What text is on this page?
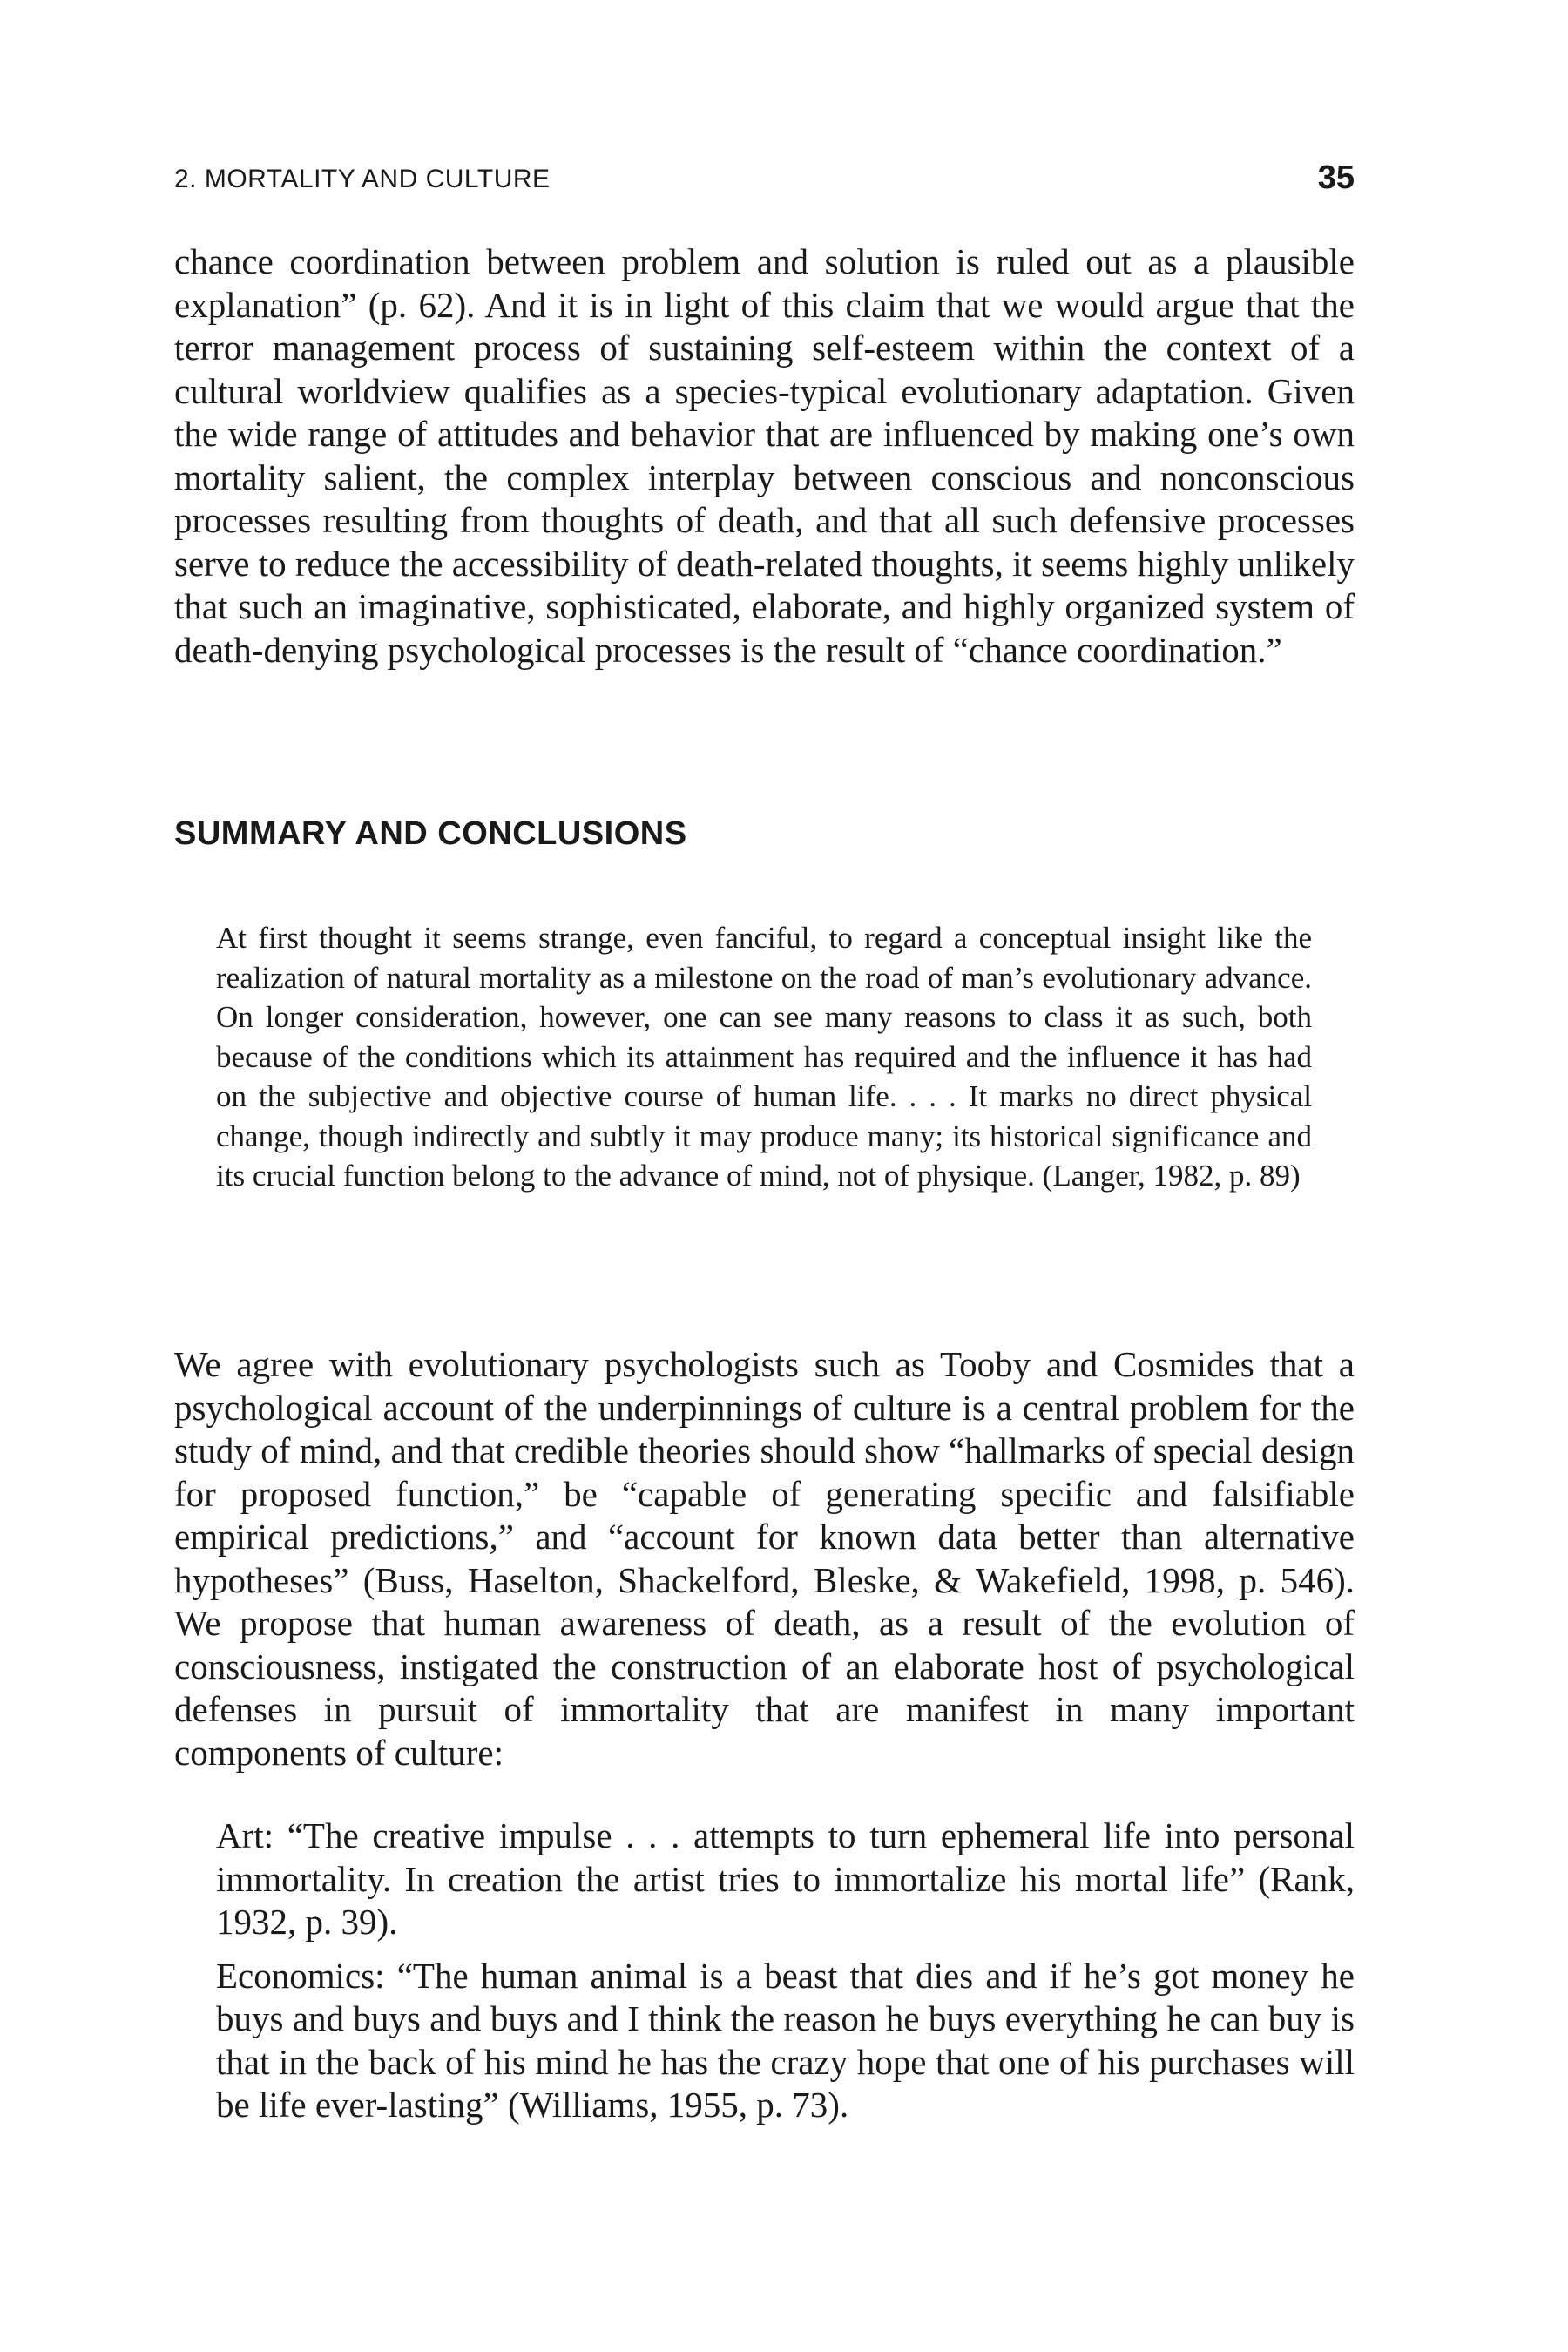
2. MORTALITY AND CULTURE	35

chance coordination between problem and solution is ruled out as a plausible explanation” (p. 62). And it is in light of this claim that we would argue that the terror management process of sustaining self-esteem within the context of a cultural worldview qualifies as a species-typical evolutionary adaptation. Given the wide range of attitudes and behavior that are influenced by making one’s own mortality salient, the complex interplay between conscious and nonconscious processes resulting from thoughts of death, and that all such defensive processes serve to reduce the accessibility of death-related thoughts, it seems highly unlikely that such an imaginative, sophisticated, elaborate, and highly organized system of death-denying psychological processes is the result of “chance coordination.”

SUMMARY AND CONCLUSIONS

At first thought it seems strange, even fanciful, to regard a conceptual insight like the realization of natural mortality as a milestone on the road of man’s evolutionary advance. On longer consideration, however, one can see many reasons to class it as such, both because of the conditions which its attainment has required and the influence it has had on the subjective and objective course of human life. . . . It marks no direct physical change, though indirectly and subtly it may produce many; its historical significance and its crucial function belong to the advance of mind, not of physique. (Langer, 1982, p. 89)

We agree with evolutionary psychologists such as Tooby and Cosmides that a psychological account of the underpinnings of culture is a central problem for the study of mind, and that credible theories should show “hallmarks of special design for proposed function,” be “capable of generating specific and falsifiable empirical predictions,” and “account for known data better than alternative hypotheses” (Buss, Haselton, Shackelford, Bleske, & Wakefield, 1998, p. 546). We propose that human awareness of death, as a result of the evolution of consciousness, instigated the construction of an elaborate host of psychological defenses in pursuit of immortality that are manifest in many important components of culture:

Art: “The creative impulse . . . attempts to turn ephemeral life into personal immortality. In creation the artist tries to immortalize his mortal life” (Rank, 1932, p. 39).
Economics: “The human animal is a beast that dies and if he’s got money he buys and buys and buys and I think the reason he buys everything he can buy is that in the back of his mind he has the crazy hope that one of his purchases will be life ever-lasting” (Williams, 1955, p. 73).
